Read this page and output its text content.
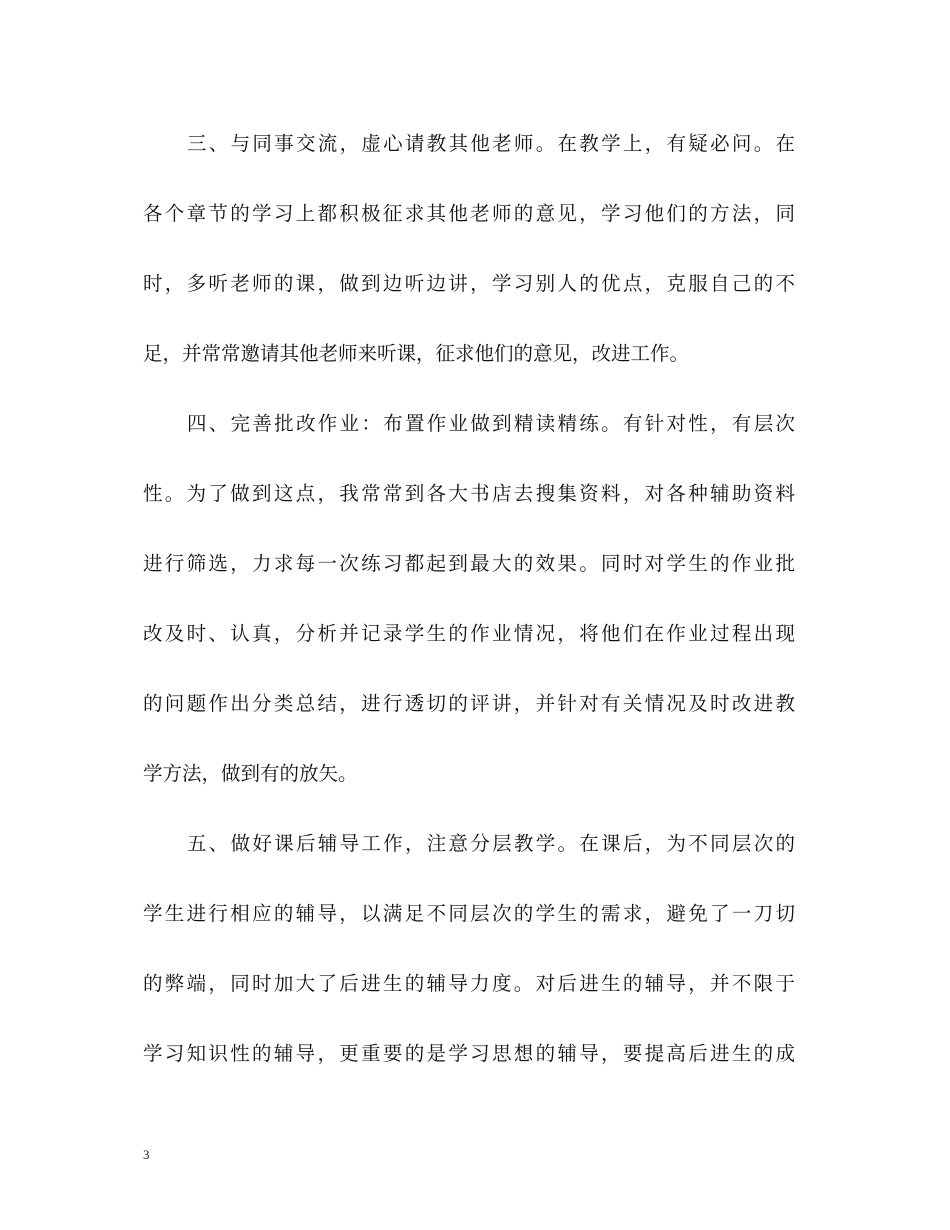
三、与同事交流，虚心请教其他老师。在教学上，有疑必问。在
各个章节的学习上都积极征求其他老师的意见，学习他们的方法，同
时，多听老师的课，做到边听边讲，学习别人的优点，克服自己的不
足，并常常邀请其他老师来听课，征求他们的意见，改进工作。
四、完善批改作业：布置作业做到精读精练。有针对性，有层次
性。为了做到这点，我常常到各大书店去搜集资料，对各种辅助资料
进行筛选，力求每一次练习都起到最大的效果。同时对学生的作业批
改及时、认真，分析并记录学生的作业情况，将他们在作业过程出现
的问题作出分类总结，进行透切的评讲，并针对有关情况及时改进教
学方法，做到有的放矢。
五、做好课后辅导工作，注意分层教学。在课后，为不同层次的
学生进行相应的辅导，以满足不同层次的学生的需求，避免了一刀切
的弊端，同时加大了后进生的辅导力度。对后进生的辅导，并不限于
学习知识性的辅导，更重要的是学习思想的辅导，要提高后进生的成
3
